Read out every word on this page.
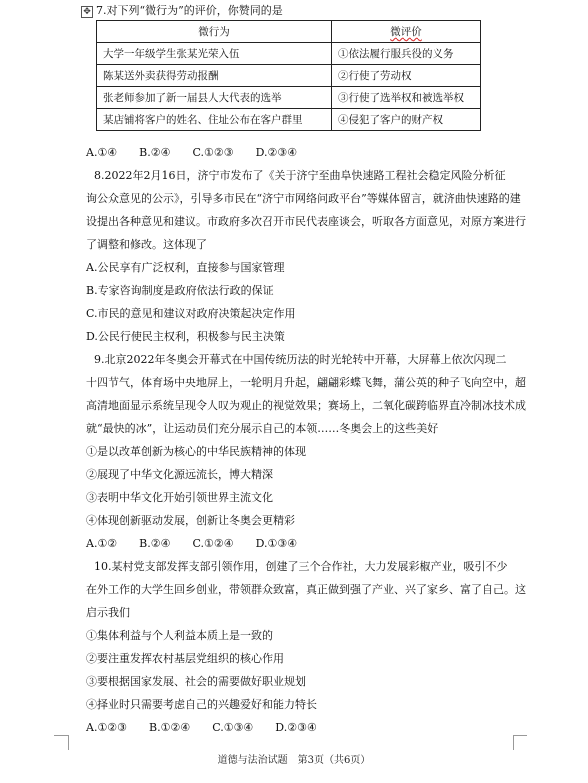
✥ 7.对下列“微行为”的评价，你赞同的是
微行为	微评价
大学一年级学生张某光荣入伍	①依法履行服兵役的义务
陈某送外卖获得劳动报酬	②行使了劳动权
张老师参加了新一届县人大代表的选举	③行使了选举权和被选举权
某店铺将客户的姓名、住址公布在客户群里	④侵犯了客户的财产权
A.①④　　B.②④　　C.①②③　　D.②③④
8.2022年2月16日，济宁市发布了《关于济宁至曲阜快速路工程社会稳定风险分析征
询公众意见的公示》，引导多市民在“济宁市网络问政平台”等媒体留言，就济曲快速路的建
设提出各种意见和建议。市政府多次召开市民代表座谈会，听取各方面意见，对原方案进行
了调整和修改。这体现了
A.公民享有广泛权利，直接参与国家管理
B.专家咨询制度是政府依法行政的保证
C.市民的意见和建议对政府决策起决定作用
D.公民行使民主权利，积极参与民主决策
9.北京2022年冬奥会开幕式在中国传统历法的时光轮转中开幕，大屏幕上依次闪现二
十四节气，体育场中央地屏上，一轮明月升起，翩翩彩蝶飞舞，蒲公英的种子飞向空中，超
高清地面显示系统呈现令人叹为观止的视觉效果；赛场上，二氧化碳跨临界直冷制冰技术成
就“最快的冰”，让运动员们充分展示自己的本领……冬奥会上的这些美好
①是以改革创新为核心的中华民族精神的体现
②展现了中华文化源远流长，博大精深
③表明中华文化开始引领世界主流文化
④体现创新驱动发展，创新让冬奥会更精彩
A.①②　　B.②④　　C.①②④　　D.①③④
10.某村党支部发挥支部引领作用，创建了三个合作社，大力发展彩椒产业，吸引不少
在外工作的大学生回乡创业，带领群众致富，真正做到强了产业、兴了家乡、富了自己。这
启示我们
①集体利益与个人利益本质上是一致的
②要注重发挥农村基层党组织的核心作用
③要根据国家发展、社会的需要做好职业规划
④择业时只需要考虑自己的兴趣爱好和能力特长
A.①②③　　B.①②④　　C.①③④　　D.②③④
道德与法治试题　第3页（共6页）
